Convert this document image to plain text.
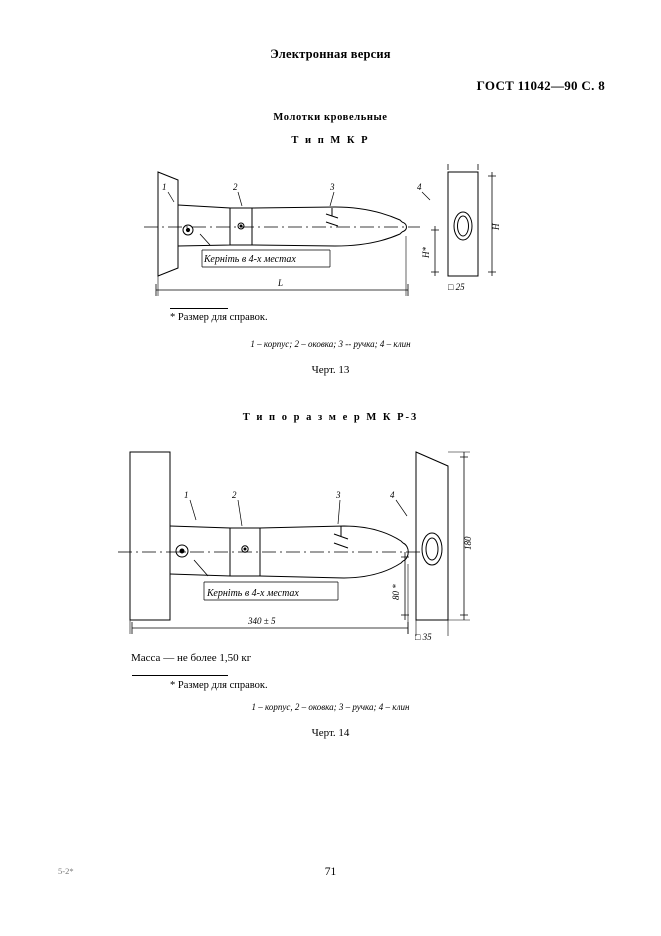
Электронная версия
ГОСТ 11042—90 С. 8
Молотки кровельные
Т и п М К Р
1	2	3	4
L
H
H*
□ 25
Керніть в 4-х местах
* Размер для справок.
1 – корпус; 2 – оковка; 3 -- ручка; 4 – клин
Черт. 13
Т и п о р а з м е р М К Р-3
1	2	3	4
Керніть в 4-х местах
340 ± 5
180
80 *
□ 35
Масса — не более 1,50 кг
* Размер для справок.
1 – корпус, 2 – оковка; 3 – ручка; 4 – клин
Черт. 14
5-2*	71
